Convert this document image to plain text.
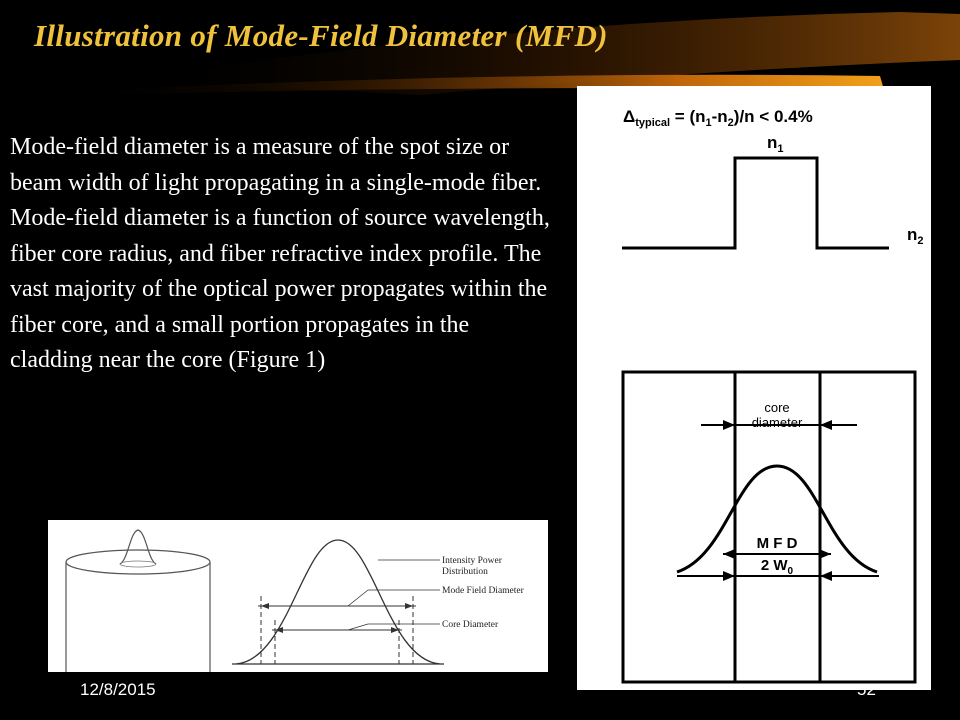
Illustration of Mode-Field Diameter (MFD)

Mode-field diameter is a measure of the spot size or beam width of light propagating in a single-mode fiber. Mode-field diameter is a function of source wavelength, fiber core radius, and fiber refractive index profile. The vast majority of the optical power propagates within the fiber core, and a small portion propagates in the cladding near the core (Figure 1)

$\Delta_{typical} = (n_1-n_2)/n < 0.4\%$
$n_1$
$n_2$
core
diameter
M F D
2 $W_0$
Intensity Power
Distribution
Mode Field Diameter
Core Diameter
12/8/2015	52
